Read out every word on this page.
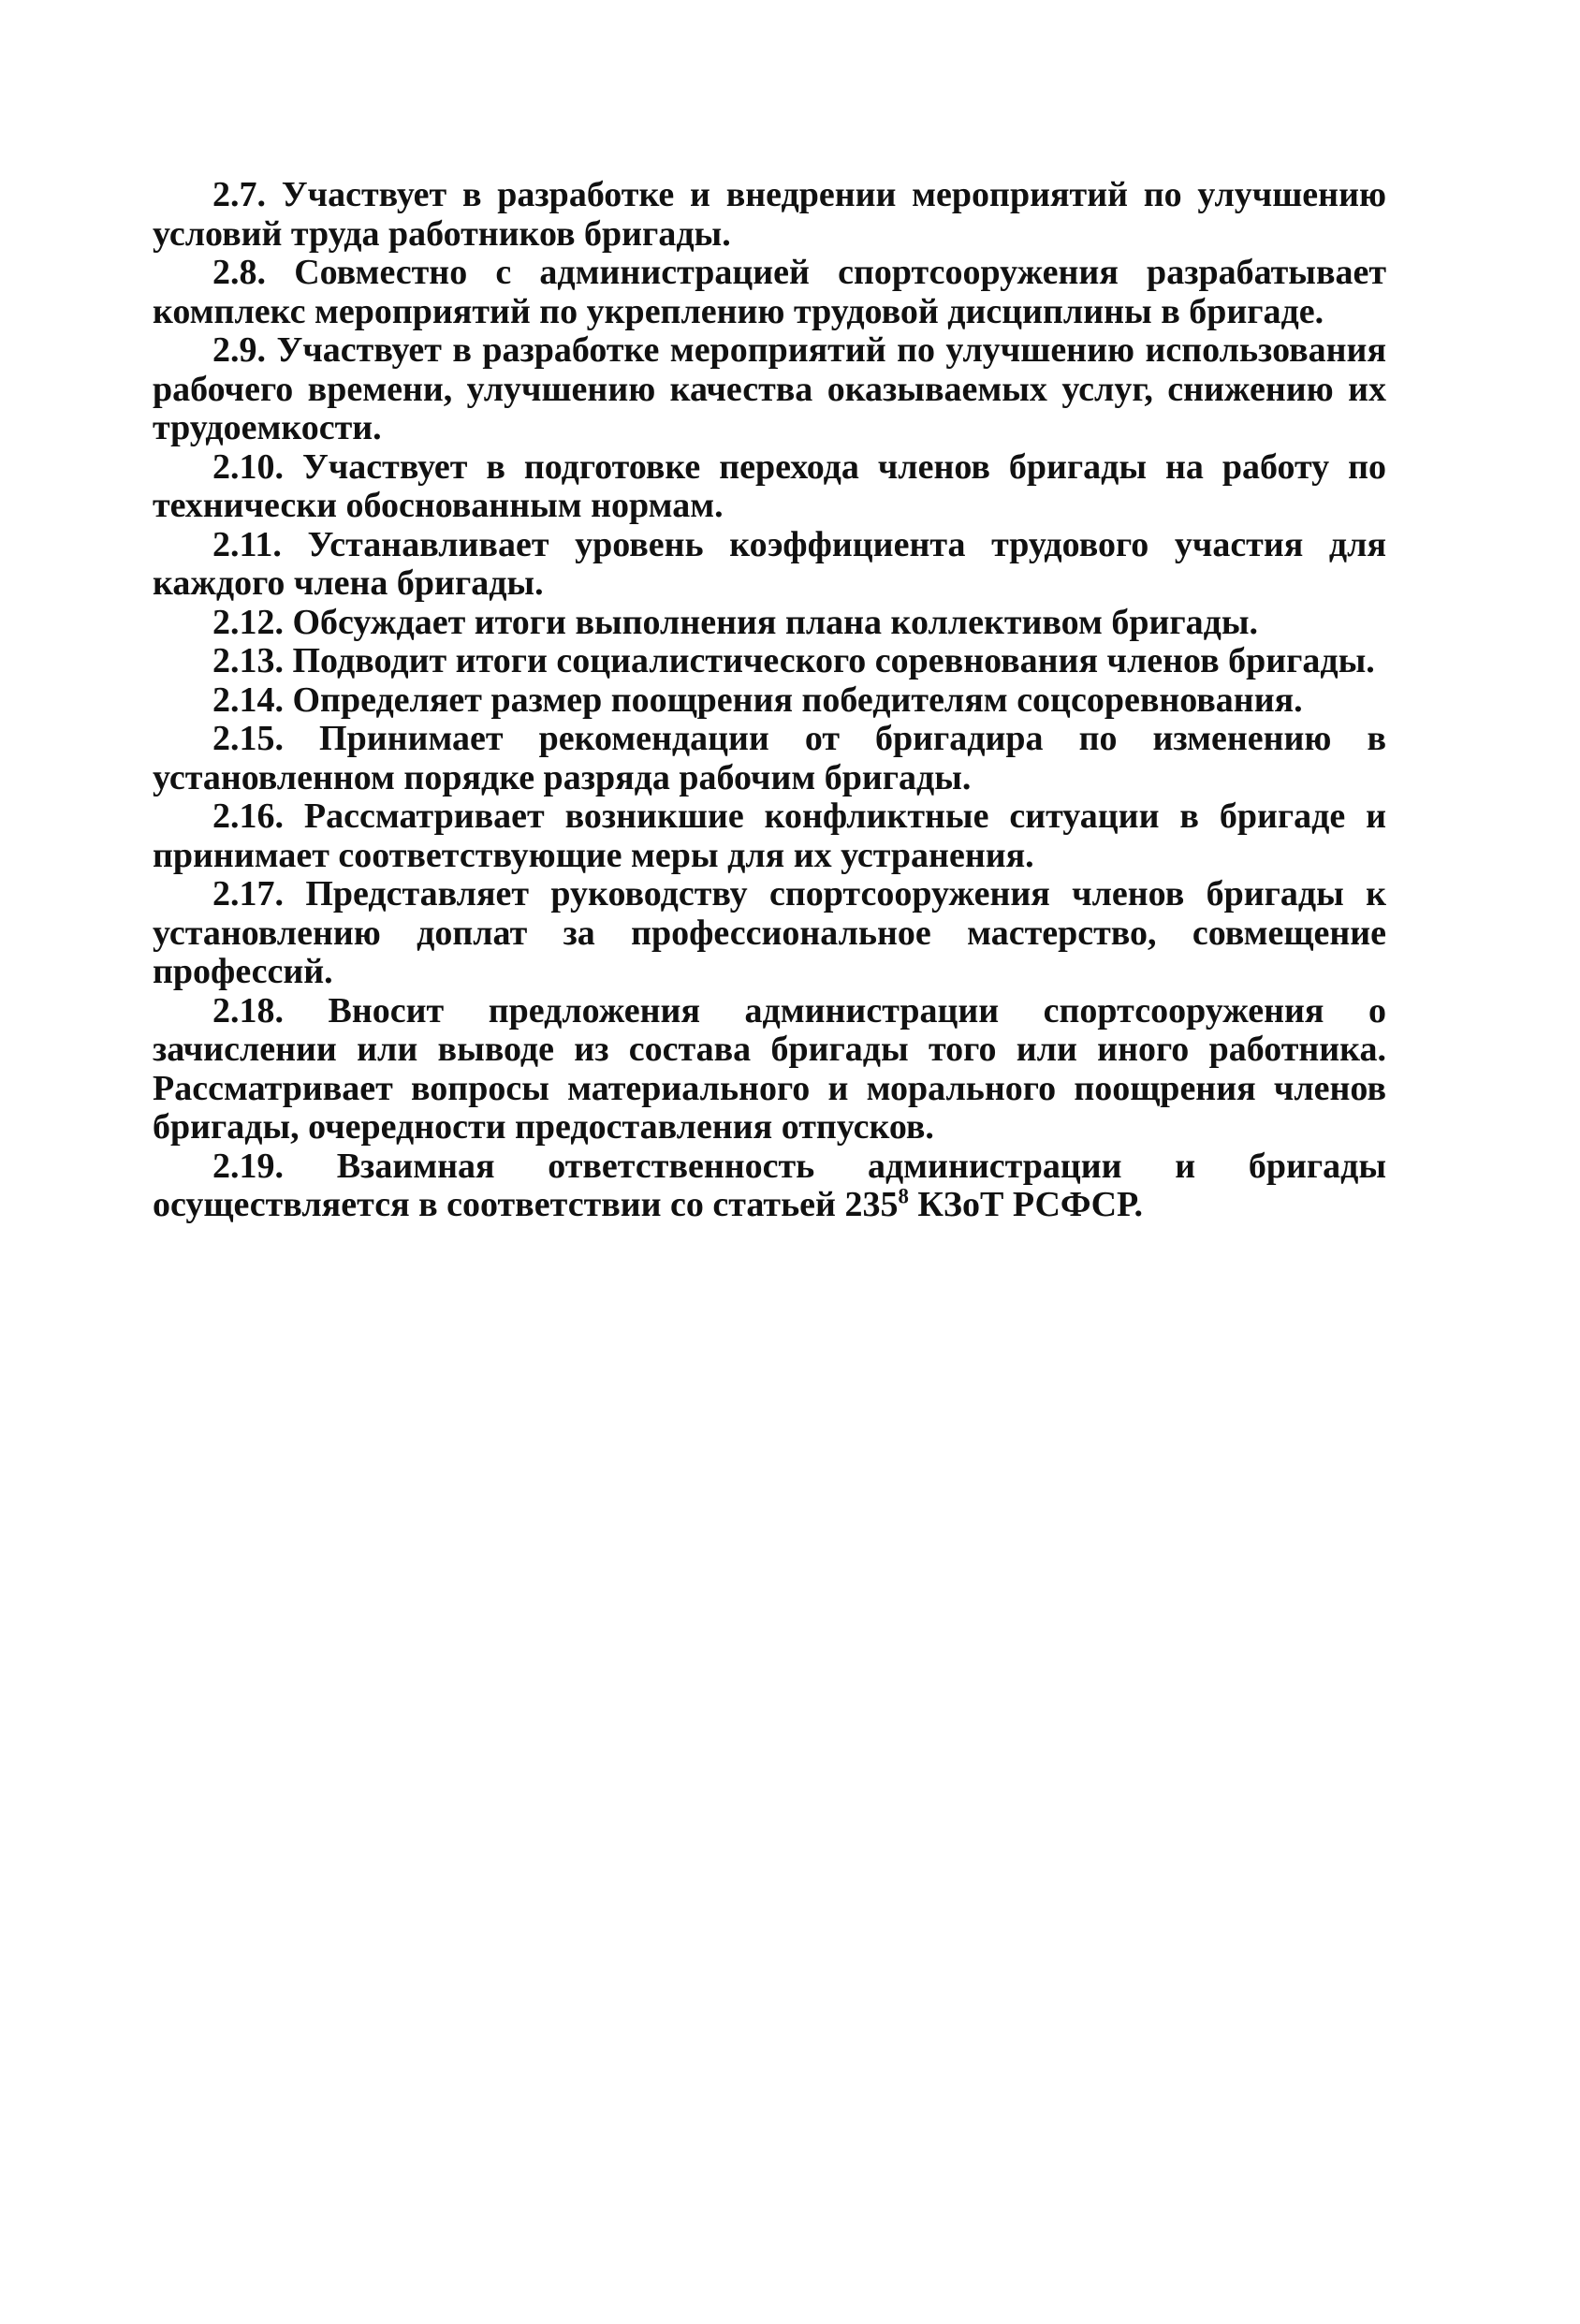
2.7. Участвует в разработке и внедрении мероприятий по улучшению условий труда работников бригады.

2.8. Совместно с администрацией спортсооружения разрабатывает комплекс мероприятий по укреплению трудовой дисциплины в бригаде.

2.9. Участвует в разработке мероприятий по улучшению использования рабочего времени, улучшению качества оказываемых услуг, снижению их трудоемкости.

2.10. Участвует в подготовке перехода членов бригады на работу по технически обоснованным нормам.

2.11. Устанавливает уровень коэффициента трудового участия для каждого члена бригады.

2.12. Обсуждает итоги выполнения плана коллективом бригады.

2.13. Подводит итоги социалистического соревнования членов бригады.

2.14. Определяет размер поощрения победителям соцсоревнования.

2.15. Принимает рекомендации от бригадира по изменению в установленном порядке разряда рабочим бригады.

2.16. Рассматривает возникшие конфликтные ситуации в бригаде и принимает соответствующие меры для их устранения.

2.17. Представляет руководству спортсооружения членов бригады к установлению доплат за профессиональное мастерство, совмещение профессий.

2.18. Вносит предложения администрации спортсооружения о зачислении или выводе из состава бригады того или иного работника. Рассматривает вопросы материального и морального поощрения членов бригады, очередности предоставления отпусков.

2.19. Взаимная ответственность администрации и бригады осуществляется в соответствии со статьей $235^8$ КЗоТ РСФСР.
